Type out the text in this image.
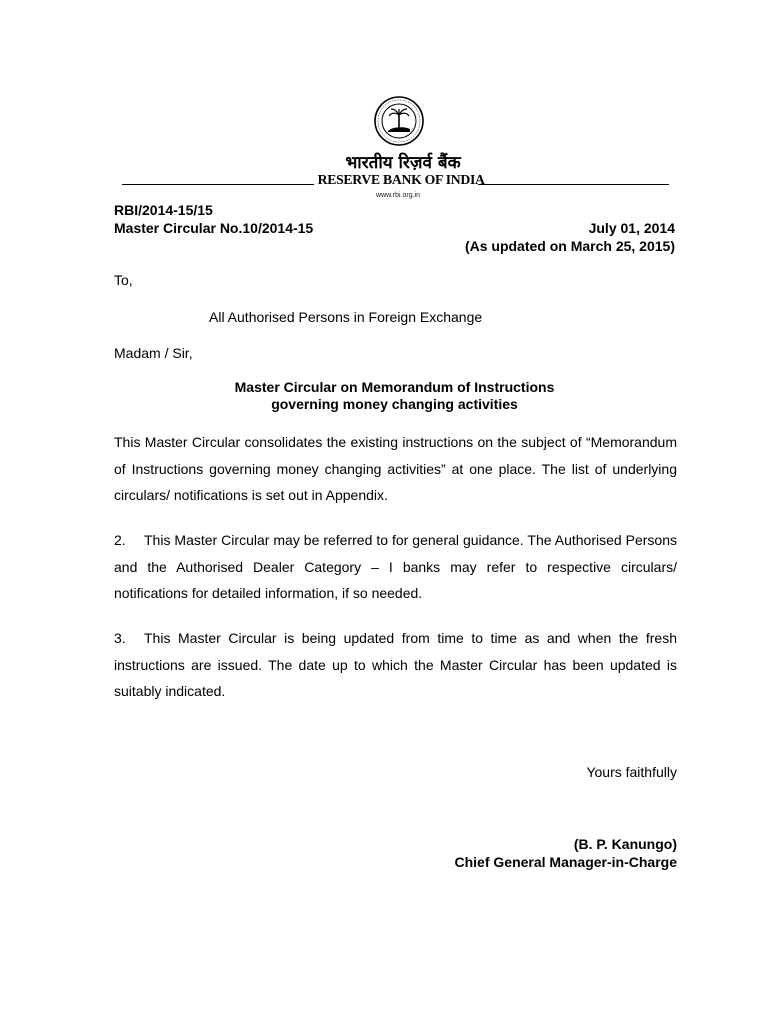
भारतीय रिज़र्व बैंक
RESERVE BANK OF INDIA
www.rbi.org.in
RBI/2014-15/15
Master Circular No.10/2014-15	July 01, 2014
(As updated on March 25, 2015)
To,
All Authorised Persons in Foreign Exchange
Madam / Sir,
Master Circular on Memorandum of Instructions
governing money changing activities
This Master Circular consolidates the existing instructions on the subject of “Memorandum of Instructions governing money changing activities” at one place. The list of underlying circulars/ notifications is set out in Appendix.
2. This Master Circular may be referred to for general guidance. The Authorised Persons and the Authorised Dealer Category – I banks may refer to respective circulars/ notifications for detailed information, if so needed.
3. This Master Circular is being updated from time to time as and when the fresh instructions are issued. The date up to which the Master Circular has been updated is suitably indicated.
Yours faithfully
(B. P. Kanungo)
Chief General Manager-in-Charge
